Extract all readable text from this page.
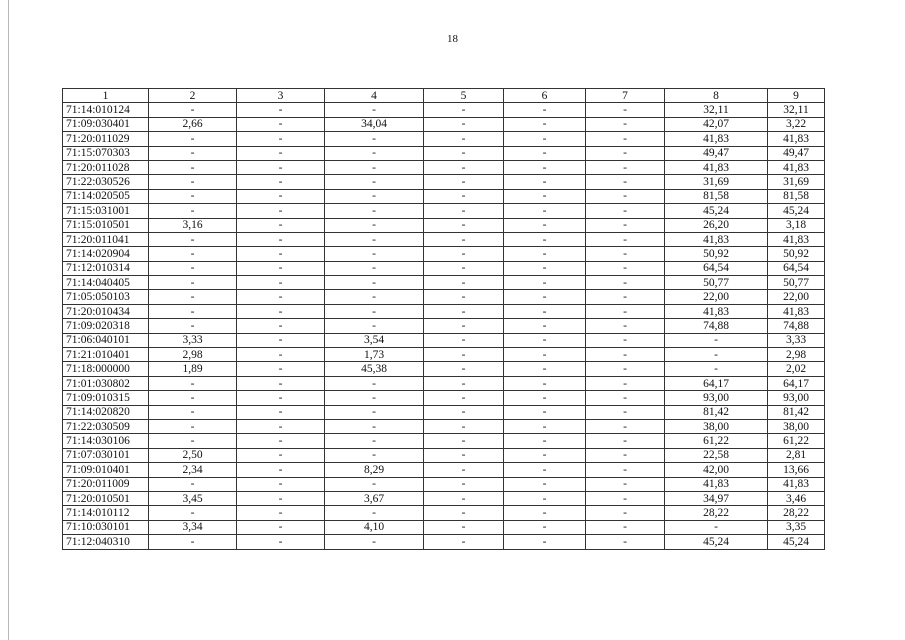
18
1	2	3	4	5	6	7	8	9
71:14:010124	-	-	-	-	-	-	32,11	32,11
71:09:030401	2,66	-	34,04	-	-	-	42,07	3,22
71:20:011029	-	-	-	-	-	-	41,83	41,83
71:15:070303	-	-	-	-	-	-	49,47	49,47
71:20:011028	-	-	-	-	-	-	41,83	41,83
71:22:030526	-	-	-	-	-	-	31,69	31,69
71:14:020505	-	-	-	-	-	-	81,58	81,58
71:15:031001	-	-	-	-	-	-	45,24	45,24
71:15:010501	3,16	-	-	-	-	-	26,20	3,18
71:20:011041	-	-	-	-	-	-	41,83	41,83
71:14:020904	-	-	-	-	-	-	50,92	50,92
71:12:010314	-	-	-	-	-	-	64,54	64,54
71:14:040405	-	-	-	-	-	-	50,77	50,77
71:05:050103	-	-	-	-	-	-	22,00	22,00
71:20:010434	-	-	-	-	-	-	41,83	41,83
71:09:020318	-	-	-	-	-	-	74,88	74,88
71:06:040101	3,33	-	3,54	-	-	-	-	3,33
71:21:010401	2,98	-	1,73	-	-	-	-	2,98
71:18:000000	1,89	-	45,38	-	-	-	-	2,02
71:01:030802	-	-	-	-	-	-	64,17	64,17
71:09:010315	-	-	-	-	-	-	93,00	93,00
71:14:020820	-	-	-	-	-	-	81,42	81,42
71:22:030509	-	-	-	-	-	-	38,00	38,00
71:14:030106	-	-	-	-	-	-	61,22	61,22
71:07:030101	2,50	-	-	-	-	-	22,58	2,81
71:09:010401	2,34	-	8,29	-	-	-	42,00	13,66
71:20:011009	-	-	-	-	-	-	41,83	41,83
71:20:010501	3,45	-	3,67	-	-	-	34,97	3,46
71:14:010112	-	-	-	-	-	-	28,22	28,22
71:10:030101	3,34	-	4,10	-	-	-	-	3,35
71:12:040310	-	-	-	-	-	-	45,24	45,24
